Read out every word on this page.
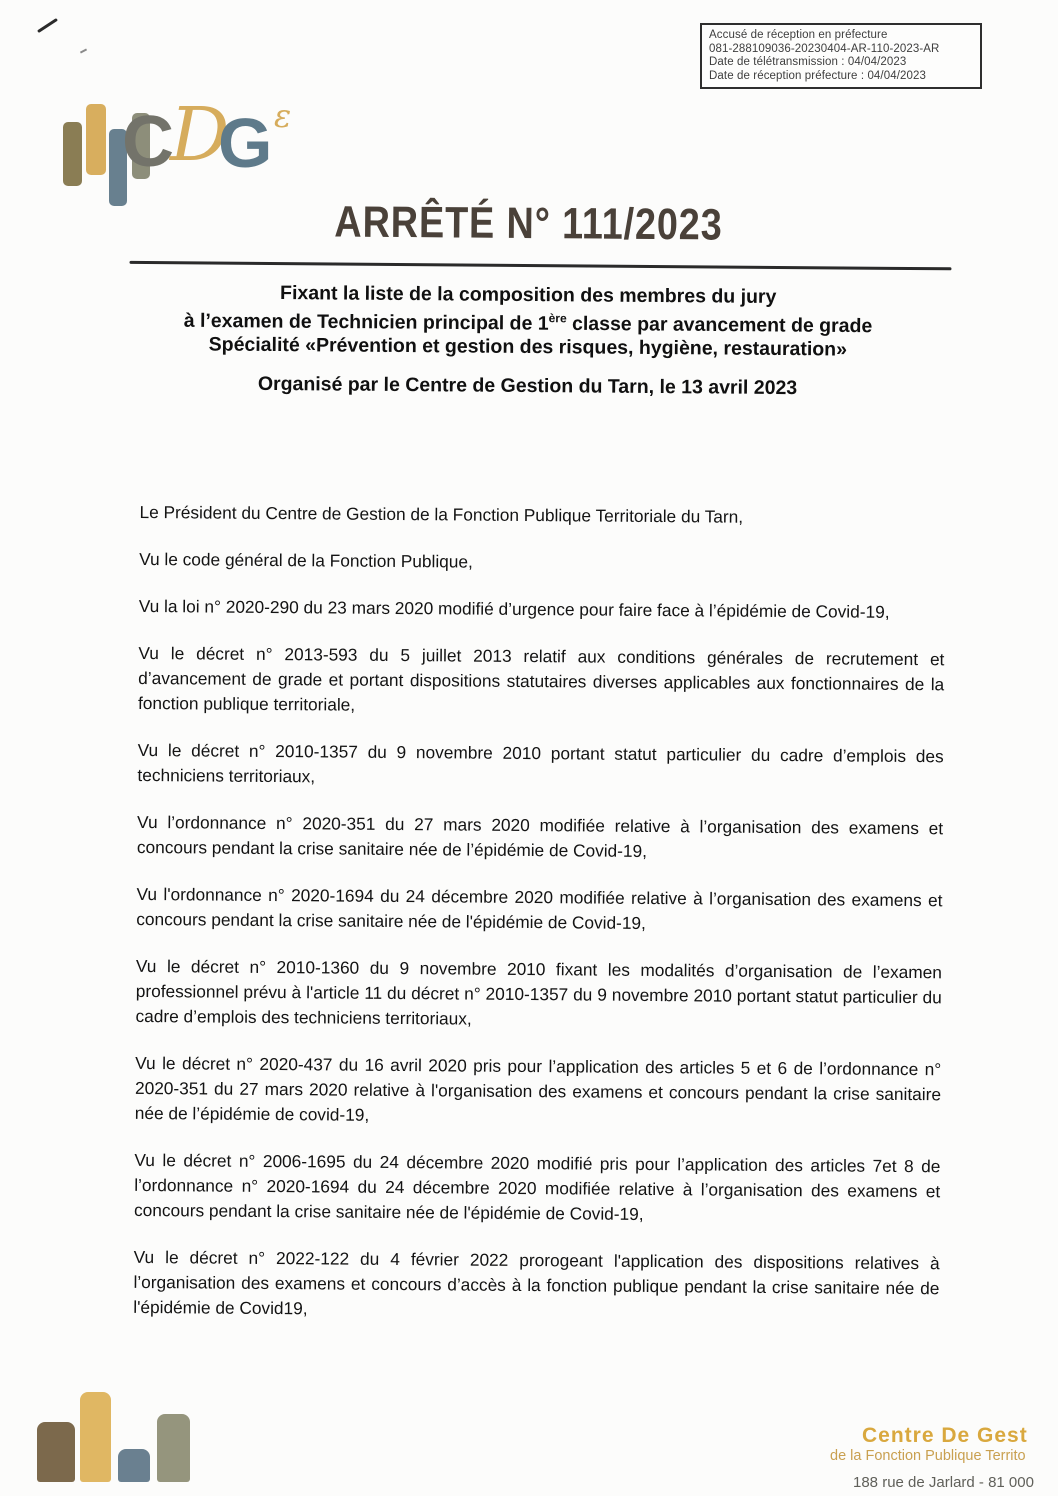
Accusé de réception en préfecture
081-288109036-20230404-AR-110-2023-AR
Date de télétransmission : 04/04/2023
Date de réception préfecture : 04/04/2023
C
D
G ε
ARRÊTÉ N° 111/2023
Fixant la liste de la composition des membres du jury
à l’examen de Technicien principal de 1ère classe par avancement de grade
Spécialité «Prévention et gestion des risques, hygiène, restauration»
Organisé par le Centre de Gestion du Tarn, le 13 avril 2023

Le Président du Centre de Gestion de la Fonction Publique Territoriale du Tarn,

Vu le code général de la Fonction Publique,

Vu la loi n° 2020-290 du 23 mars 2020 modifié d’urgence pour faire face à l’épidémie de Covid-19,

Vu le décret n° 2013-593 du 5 juillet 2013 relatif aux conditions générales de recrutement et d’avancement de grade et portant dispositions statutaires diverses applicables aux fonctionnaires de la fonction publique territoriale,

Vu le décret n° 2010-1357 du 9 novembre 2010 portant statut particulier du cadre d’emplois des techniciens territoriaux,

Vu l’ordonnance n° 2020-351 du 27 mars 2020 modifiée relative à l’organisation des examens et concours pendant la crise sanitaire née de l’épidémie de Covid-19,

Vu l'ordonnance n° 2020-1694 du 24 décembre 2020 modifiée relative à l’organisation des examens et concours pendant la crise sanitaire née de l'épidémie de Covid-19,

Vu le décret n° 2010-1360 du 9 novembre 2010 fixant les modalités d’organisation de l’examen professionnel prévu à l'article 11 du décret n° 2010-1357 du 9 novembre 2010 portant statut particulier du cadre d’emplois des techniciens territoriaux,

Vu le décret n° 2020-437 du 16 avril 2020 pris pour l’application des articles 5 et 6 de l’ordonnance n° 2020-351 du 27 mars 2020 relative à l'organisation des examens et concours pendant la crise sanitaire née de l’épidémie de covid-19,

Vu le décret n° 2006-1695 du 24 décembre 2020 modifié pris pour l’application des articles 7et 8 de l’ordonnance n° 2020-1694 du 24 décembre 2020 modifiée relative à l’organisation des examens et concours pendant la crise sanitaire née de l'épidémie de Covid-19,

Vu le décret n° 2022-122 du 4 février 2022 prorogeant l'application des dispositions relatives à l’organisation des examens et concours d’accès à la fonction publique pendant la crise sanitaire née de l'épidémie de Covid19,

Centre De Gest
de la Fonction Publique Territo
188 rue de Jarlard - 81 000
